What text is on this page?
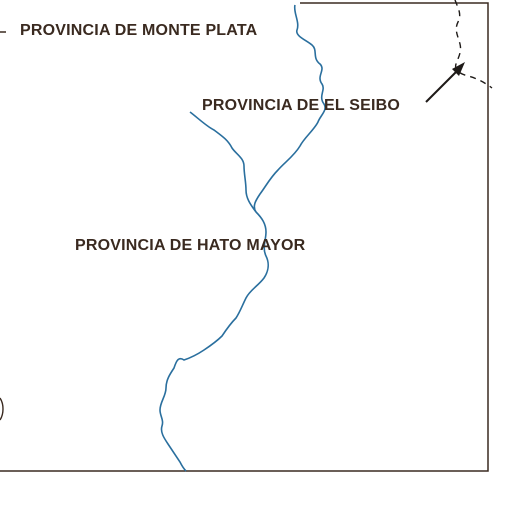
PROVINCIA DE MONTE PLATA
PROVINCIA DE EL SEIBO
PROVINCIA DE HATO MAYOR
